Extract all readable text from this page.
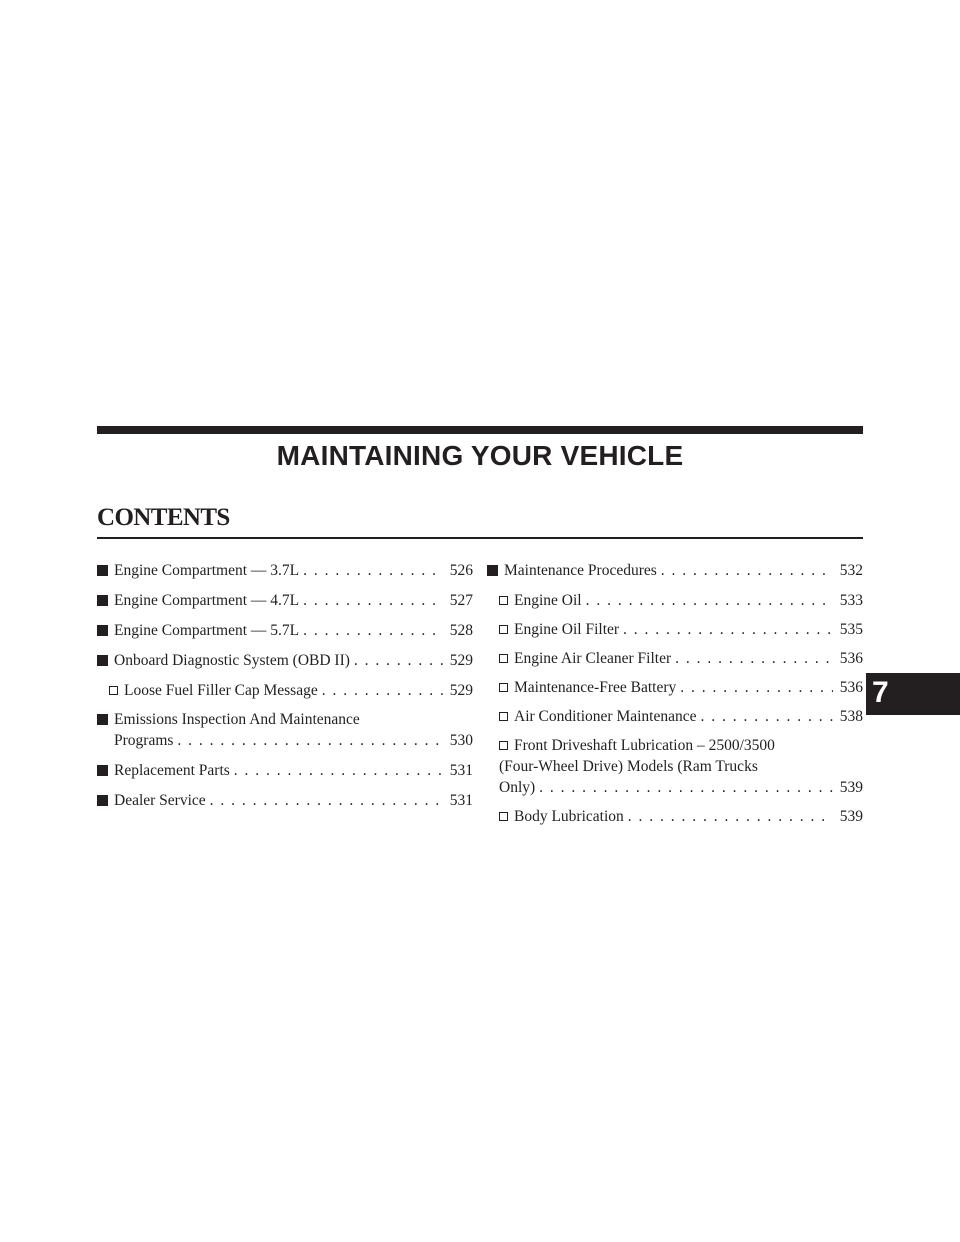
MAINTAINING YOUR VEHICLE
CONTENTS
Engine Compartment — 3.7L . . .	526
Engine Compartment — 4.7L . . .	527
Engine Compartment — 5.7L . . .	528
Onboard Diagnostic System (OBD II) . . .	529
Loose Fuel Filler Cap Message . . .	529
Emissions Inspection And Maintenance
Programs . . .	530
Replacement Parts . . .	531
Dealer Service . . .	531
Maintenance Procedures . . .	532
Engine Oil . . .	533
Engine Oil Filter . . .	535
Engine Air Cleaner Filter . . .	536
Maintenance-Free Battery . . .	536
Air Conditioner Maintenance . . .	538
Front Driveshaft Lubrication – 2500/3500
(Four-Wheel Drive) Models (Ram Trucks
Only) . . .	539
Body Lubrication . . .	539
7
